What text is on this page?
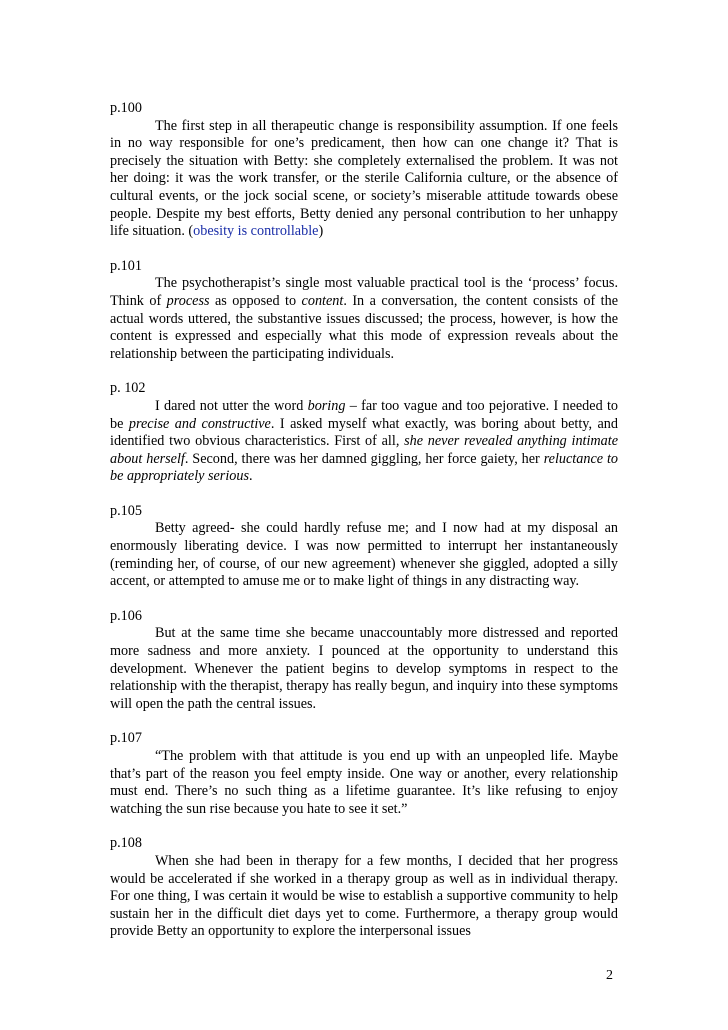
p.100

The first step in all therapeutic change is responsibility assumption. If one feels in no way responsible for one’s predicament, then how can one change it? That is precisely the situation with Betty: she completely externalised the problem. It was not her doing: it was the work transfer, or the sterile California culture, or the absence of cultural events, or the jock social scene, or society’s miserable attitude towards obese people. Despite my best efforts, Betty denied any personal contribution to her unhappy life situation. (obesity is controllable)

p.101

The psychotherapist’s single most valuable practical tool is the ‘process’ focus. Think of process as opposed to content. In a conversation, the content consists of the actual words uttered, the substantive issues discussed; the process, however, is how the content is expressed and especially what this mode of expression reveals about the relationship between the participating individuals.

p. 102

I dared not utter the word boring – far too vague and too pejorative. I needed to be precise and constructive. I asked myself what exactly, was boring about betty, and identified two obvious characteristics. First of all, she never revealed anything intimate about herself. Second, there was her damned giggling, her force gaiety, her reluctance to be appropriately serious.

p.105

Betty agreed- she could hardly refuse me; and I now had at my disposal an enormously liberating device. I was now permitted to interrupt her instantaneously (reminding her, of course, of our new agreement) whenever she giggled, adopted a silly accent, or attempted to amuse me or to make light of things in any distracting way.

p.106

But at the same time she became unaccountably more distressed and reported more sadness and more anxiety. I pounced at the opportunity to understand this development. Whenever the patient begins to develop symptoms in respect to the relationship with the therapist, therapy has really begun, and inquiry into these symptoms will open the path the central issues.

p.107

“The problem with that attitude is you end up with an unpeopled life. Maybe that’s part of the reason you feel empty inside. One way or another, every relationship must end. There’s no such thing as a lifetime guarantee. It’s like refusing to enjoy watching the sun rise because you hate to see it set.”

p.108

When she had been in therapy for a few months, I decided that her progress would be accelerated if she worked in a therapy group as well as in individual therapy. For one thing, I was certain it would be wise to establish a supportive community to help sustain her in the difficult diet days yet to come. Furthermore, a therapy group would provide Betty an opportunity to explore the interpersonal issues

2
